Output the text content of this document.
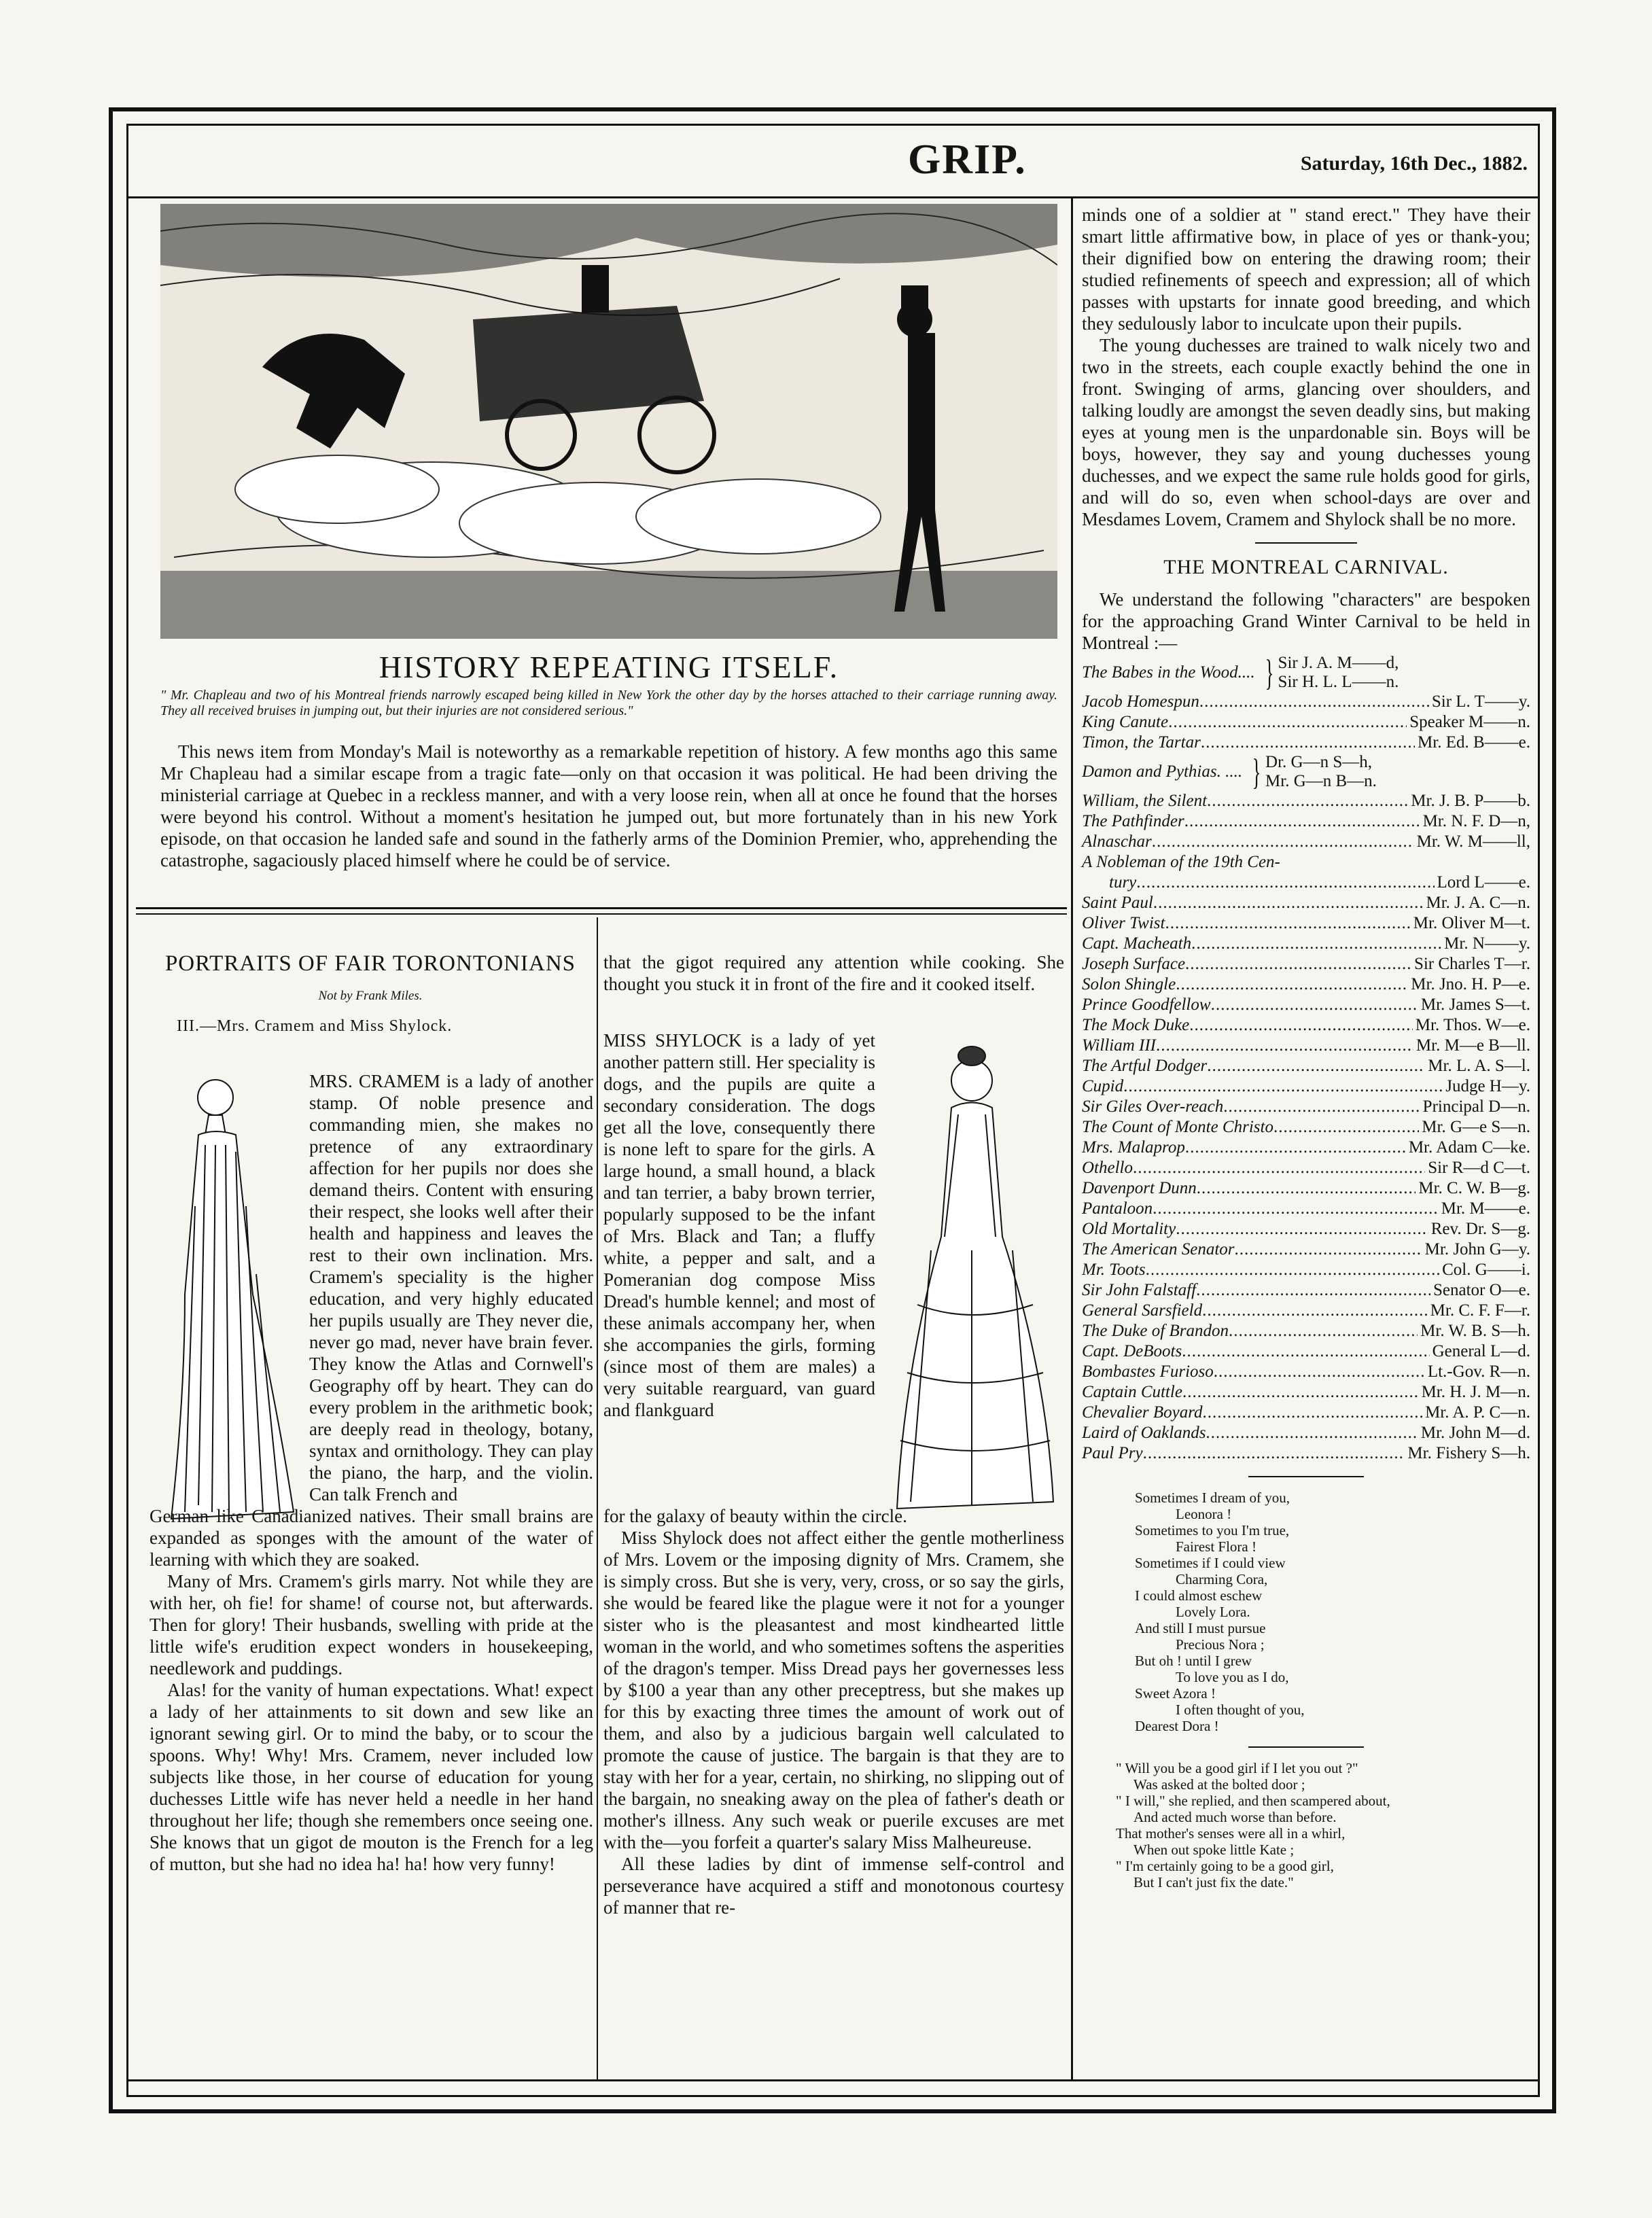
GRIP.	Saturday, 16th Dec., 1882.
HISTORY REPEATING ITSELF.
" Mr. Chapleau and two of his Montreal friends narrowly escaped being killed in New York the other day by the horses attached to their carriage running away. They all received bruises in jumping out, but their injuries are not considered serious."

This news item from Monday's Mail is noteworthy as a remarkable repetition of history. A few months ago this same Mr Chapleau had a similar escape from a tragic fate—only on that occasion it was political. He had been driving the ministerial carriage at Quebec in a reckless manner, and with a very loose rein, when all at once he found that the horses were beyond his control. Without a moment's hesitation he jumped out, but more fortunately than in his new York episode, on that occasion he landed safe and sound in the fatherly arms of the Dominion Premier, who, apprehending the catastrophe, sagaciously placed himself where he could be of service.

PORTRAITS OF FAIR TORONTONIANS
Not by Frank Miles.
III.—Mrs. Cramem and Miss Shylock.

MRS. CRAMEM is a lady of another stamp. Of noble presence and commanding mien, she makes no pretence of any extraordinary affection for her pupils nor does she demand theirs. Content with ensuring their respect, she looks well after their health and happiness and leaves the rest to their own inclination. Mrs. Cramem's speciality is the higher education, and very highly educated her pupils usually are They never die, never go mad, never have brain fever. They know the Atlas and Cornwell's Geography off by heart. They can do every problem in the arithmetic book; are deeply read in theology, botany, syntax and ornithology. They can play the piano, the harp, and the violin. Can talk French and

German like Canadianized natives. Their small brains are expanded as sponges with the amount of the water of learning with which they are soaked.

Many of Mrs. Cramem's girls marry. Not while they are with her, oh fie! for shame! of course not, but afterwards. Then for glory! Their husbands, swelling with pride at the little wife's erudition expect wonders in housekeeping, needlework and puddings.

Alas! for the vanity of human expectations. What! expect a lady of her attainments to sit down and sew like an ignorant sewing girl. Or to mind the baby, or to scour the spoons. Why! Why! Mrs. Cramem, never included low subjects like those, in her course of education for young duchesses Little wife has never held a needle in her hand throughout her life; though she remembers once seeing one. She knows that un gigot de mouton is the French for a leg of mutton, but she had no idea ha! ha! how very funny!

that the gigot required any attention while cooking. She thought you stuck it in front of the fire and it cooked itself.

MISS SHYLOCK is a lady of yet another pattern still. Her speciality is dogs, and the pupils are quite a secondary consideration. The dogs get all the love, consequently there is none left to spare for the girls. A large hound, a small hound, a black and tan terrier, a baby brown terrier, popularly supposed to be the infant of Mrs. Black and Tan; a fluffy white, a pepper and salt, and a Pomeranian dog compose Miss Dread's humble kennel; and most of these animals accompany her, when she accompanies the girls, forming (since most of them are males) a very suitable rearguard, van guard and flankguard

for the galaxy of beauty within the circle.

Miss Shylock does not affect either the gentle motherliness of Mrs. Lovem or the imposing dignity of Mrs. Cramem, she is simply cross. But she is very, very, cross, or so say the girls, she would be feared like the plague were it not for a younger sister who is the pleasantest and most kindhearted little woman in the world, and who sometimes softens the asperities of the dragon's temper. Miss Dread pays her governesses less by $100 a year than any other preceptress, but she makes up for this by exacting three times the amount of work out of them, and also by a judicious bargain well calculated to promote the cause of justice. The bargain is that they are to stay with her for a year, certain, no shirking, no slipping out of the bargain, no sneaking away on the plea of father's death or mother's illness. Any such weak or puerile excuses are met with the—you forfeit a quarter's salary Miss Malheureuse.

All these ladies by dint of immense self-control and perseverance have acquired a stiff and monotonous courtesy of manner that re-

minds one of a soldier at " stand erect." They have their smart little affirmative bow, in place of yes or thank-you; their dignified bow on entering the drawing room; their studied refinements of speech and expression; all of which passes with upstarts for innate good breeding, and which they sedulously labor to inculcate upon their pupils.

The young duchesses are trained to walk nicely two and two in the streets, each couple exactly behind the one in front. Swinging of arms, glancing over shoulders, and talking loudly are amongst the seven deadly sins, but making eyes at young men is the unpardonable sin. Boys will be boys, however, they say and young duchesses young duchesses, and we expect the same rule holds good for girls, and will do so, even when school-days are over and Mesdames Lovem, Cramem and Shylock shall be no more.

THE MONTREAL CARNIVAL.

We understand the following "characters" are bespoken for the approaching Grand Winter Carnival to be held in Montreal :—

The Babes in the Wood.... } Sir J. A. M——d,
Sir H. L. L——n.
Jacob Homespun .....	Sir L. T——y.
King Canute .....	Speaker M——n.
Timon, the Tartar .....	Mr. Ed. B——e.
Damon and Pythias. .... } Dr. G—n S—h,
Mr. G—n B—n.
William, the Silent .....	Mr. J. B. P——b.
The Pathfinder .....	Mr. N. F. D—n,
Alnaschar .....	Mr. W. M——ll,
A Nobleman of the 19th Cen-
tury .....	Lord L——e.
Saint Paul .....	Mr. J. A. C—n.
Oliver Twist .....	Mr. Oliver M—t.
Capt. Macheath .....	Mr. N——y.
Joseph Surface .....	Sir Charles T—r.
Solon Shingle .....	Mr. Jno. H. P—e.
Prince Goodfellow .....	Mr. James S—t.
The Mock Duke .....	Mr. Thos. W—e.
William III .....	Mr. M—e B—ll.
The Artful Dodger .....	Mr. L. A. S—l.
Cupid .....	Judge H—y.
Sir Giles Over-reach .....	Principal D—n.
The Count of Monte Christo .....	Mr. G—e S—n.
Mrs. Malaprop .....	Mr. Adam C—ke.
Othello .....	Sir R—d C—t.
Davenport Dunn .....	Mr. C. W. B—g.
Pantaloon .....	Mr. M——e.
Old Mortality .....	Rev. Dr. S—g.
The American Senator .....	Mr. John G—y.
Mr. Toots .....	Col. G——i.
Sir John Falstaff .....	Senator O—e.
General Sarsfield .....	Mr. C. F. F—r.
The Duke of Brandon .....	Mr. W. B. S—h.
Capt. DeBoots .....	General L—d.
Bombastes Furioso .....	Lt.-Gov. R—n.
Captain Cuttle .....	Mr. H. J. M—n.
Chevalier Boyard .....	Mr. A. P. C—n.
Laird of Oaklands .....	Mr. John M—d.
Paul Pry .....	Mr. Fishery S—h.
Sometimes I dream of you,
Leonora !
Sometimes to you I'm true,
Fairest Flora !
Sometimes if I could view
Charming Cora,
I could almost eschew
Lovely Lora.
And still I must pursue
Precious Nora ;
But oh ! until I grew
To love you as I do,
Sweet Azora !
I often thought of you,
Dearest Dora !
" Will you be a good girl if I let you out ?"
Was asked at the bolted door ;
" I will," she replied, and then scampered about,
And acted much worse than before.
That mother's senses were all in a whirl,
When out spoke little Kate ;
" I'm certainly going to be a good girl,
But I can't just fix the date."
